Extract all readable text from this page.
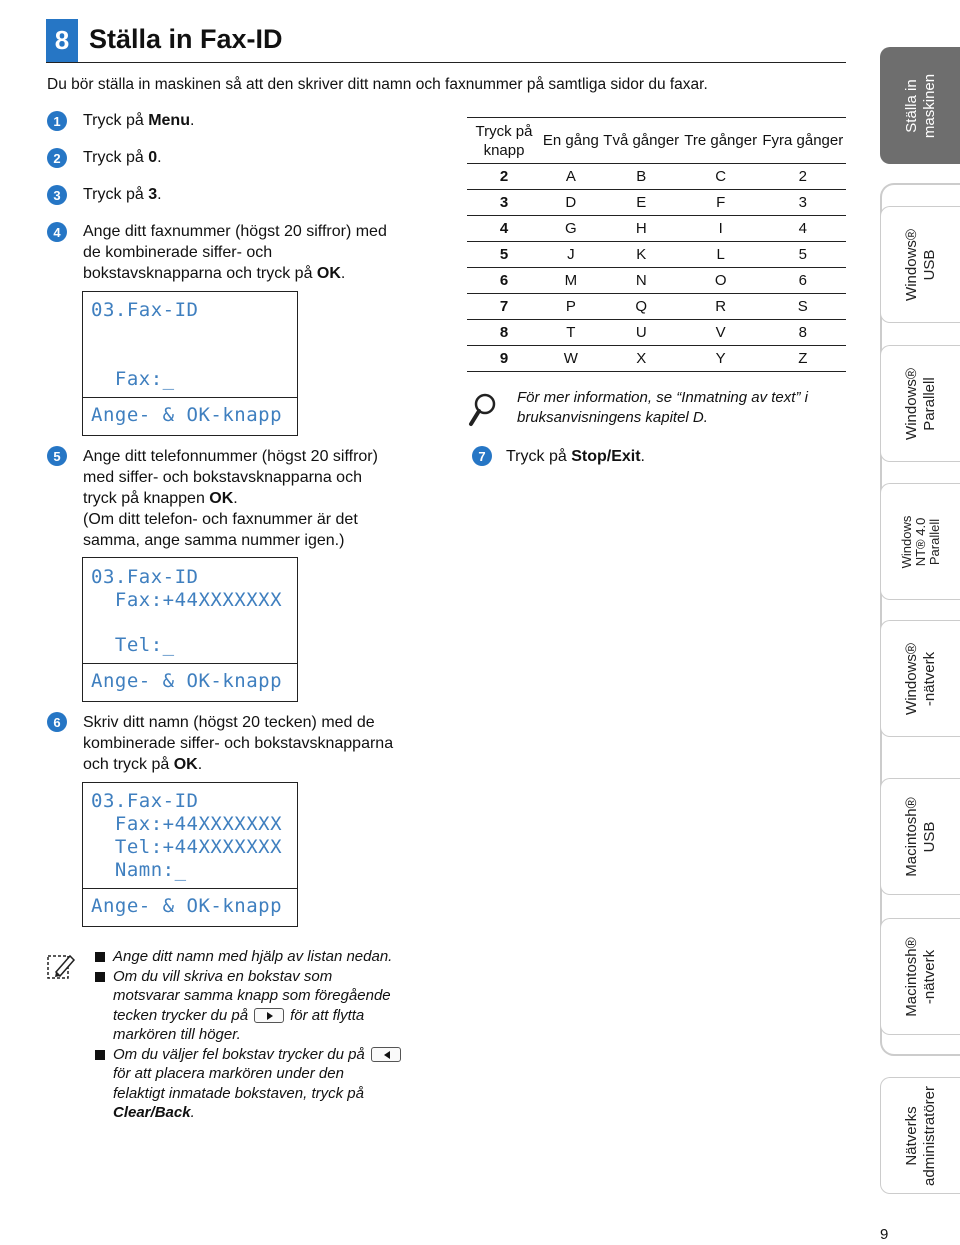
8 Ställa in Fax-ID
Du bör ställa in maskinen så att den skriver ditt namn och faxnummer på samtliga sidor du faxar.
1	Tryck på Menu.
2	Tryck på 0.
3	Tryck på 3.
4	Ange ditt faxnummer (högst 20 siffror) med
de kombinerade siffer- och
bokstavsknapparna och tryck på OK.
03.Fax-ID
Fax:_
Ange- & OK-knapp
5	Ange ditt telefonnummer (högst 20 siffror)
med siffer- och bokstavsknapparna och
tryck på knappen OK.
(Om ditt telefon- och faxnummer är det
samma, ange samma nummer igen.)
03.Fax-ID
Fax:+44XXXXXXX
Tel:_
Ange- & OK-knapp
6	Skriv ditt namn (högst 20 tecken) med de
kombinerade siffer- och bokstavsknapparna
och tryck på OK.
03.Fax-ID
Fax:+44XXXXXXX
Tel:+44XXXXXXX
Namn:_
Ange- & OK-knapp
Ange ditt namn med hjälp av listan nedan.
Om du vill skriva en bokstav som
motsvarar samma knapp som föregående
tecken trycker du på	för att flytta
markören till höger.
Om du väljer fel bokstav trycker du på
för att placera markören under den
felaktigt inmatade bokstaven, tryck på
Clear/Back.
Tryck på knapp	En gång	Två gånger	Tre gånger	Fyra gånger
2	A	B	C	2
3	D	E	F	3
4	G	H	I	4
5	J	K	L	5
6	M	N	O	6
7	P	Q	R	S
8	T	U	V	8
9	W	X	Y	Z
För mer information, se “Inmatning av text” i
bruksanvisningens kapitel D.
7	Tryck på Stop/Exit.
Ställa in maskinen
Windows® USB
Windows® Parallell
Windows NT® 4.0 Parallell
Windows® -nätverk
Macintosh® USB
Macintosh® -nätverk
Nätverks administratörer
9
